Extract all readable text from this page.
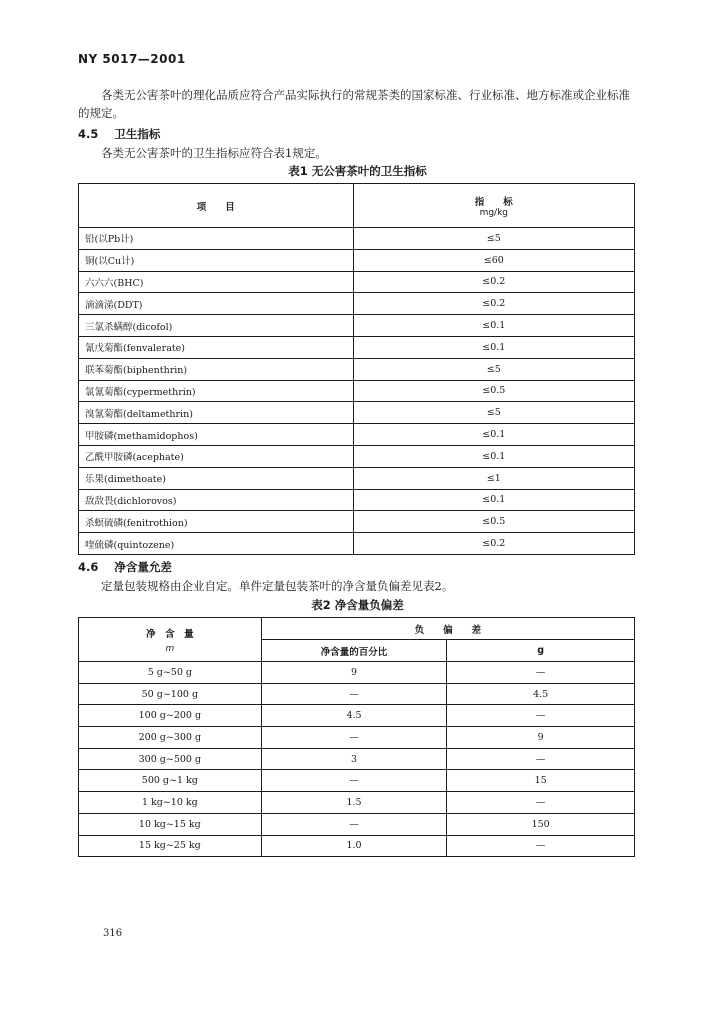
NY 5017—2001
各类无公害茶叶的理化品质应符合产品实际执行的常规茶类的国家标准、行业标准、地方标准或企业标准的规定。
4.5 卫生指标
各类无公害茶叶的卫生指标应符合表1规定。
表1 无公害茶叶的卫生指标
项　　目	指　　标
mg/kg

铅(以Pb计)	≤5
铜(以Cu计)	≤60
六六六(BHC)	≤0.2
滴滴涕(DDT)	≤0.2
三氯杀螨醇(dicofol)	≤0.1
氰戊菊酯(fenvalerate)	≤0.1
联苯菊酯(biphenthrin)	≤5
氯氰菊酯(cypermethrin)	≤0.5
溴氰菊酯(deltamethrin)	≤5
甲胺磷(methamidophos)	≤0.1
乙酰甲胺磷(acephate)	≤0.1
乐果(dimethoate)	≤1
敌敌畏(dichlorovos)	≤0.1
杀螟硫磷(fenitrothion)	≤0.5
喹硫磷(quintozene)	≤0.2
4.6 净含量允差
定量包装规格由企业自定。单件定量包装茶叶的净含量负偏差见表2。
表2 净含量负偏差
净　含　量
m	负　　偏　　差	
	净含量的百分比	g
5 g~50 g	9	—
50 g~100 g	—	4.5
100 g~200 g	4.5	—
200 g~300 g	—	9
300 g~500 g	3	—
500 g~1 kg	—	15
1 kg~10 kg	1.5	—
10 kg~15 kg	—	150
15 kg~25 kg	1.0	—
316
